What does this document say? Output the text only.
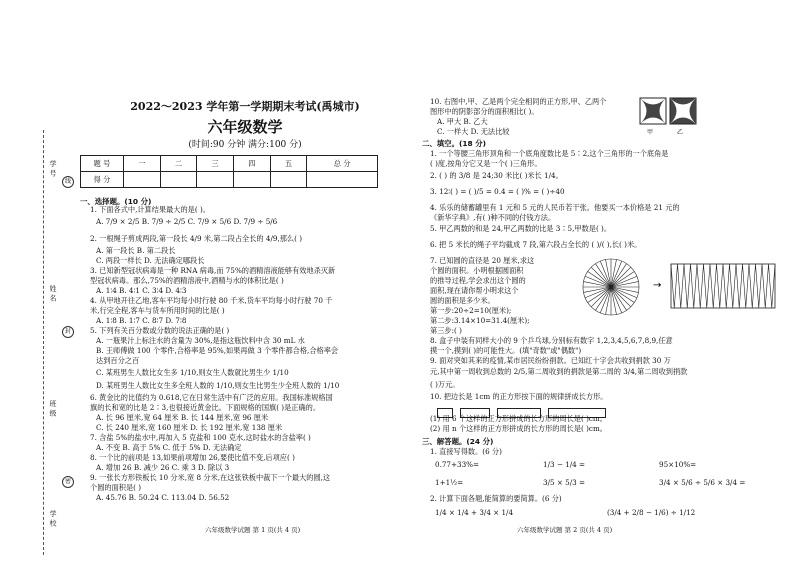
学 号
姓 名
班 级
学 校
线
封
密
2022～2023 学年第一学期期末考试(禹城市)
六年级数学
(时间:90 分钟 满分:100 分)
题 号	一	二	三	四	五	总 分
得 分						
一、选择题。(10 分)
1. 下面各式中,计算结果最大的是( )。
A. 7/9 × 2/5 B. 7/9 ÷ 2/5 C. 7/9 × 5/6 D. 7/9 ÷ 5/6
2. 一根绳子剪成两段,第一段长 4/9 米,第二段占全长的 4/9,那么( )
A. 第一段长 B. 第二段长
C. 两段一样长 D. 无法确定哪段长
3. 已知新型冠状病毒是一种 RNA 病毒,而 75%的酒精溶液能够有效地杀灭新
型冠状病毒。那么,75%的酒精溶液中,酒精与水的体积比是( )
A. 1∶4 B. 4∶1 C. 3∶4 D. 4∶3
4. 从甲地开往乙地,客车平均每小时行驶 80 千米,货车平均每小时行驶 70 千
米,行完全程,客车与货车所用时间的比是( )
A. 1∶8 B. 1∶7 C. 8∶7 D. 7∶8
5. 下列有关百分数或分数的说法正确的是( )
A. 一瓶果汁上标注水的含量为 30%,是指这瓶饮料中含 30 mL 水
B. 王师傅做 100 个零件,合格率是 95%,如果再做 3 个零件都合格,合格率会
达到百分之百
C. 某班男生人数比女生多 1/10,则女生人数就比男生少 1/10
D. 某班男生人数比女生多全班人数的 1/10,则女生比男生少全班人数的 1/10
6. 黄金比的比值约为 0.618,它在日常生活中有广泛的应用。我国标准规格国
旗的长和宽的比是 2∶3,也很接近黄金比。下面规格的国旗( )是正确的。
A. 长 96 厘米,宽 64 厘米 B. 长 144 厘米,宽 96 厘米
C. 长 240 厘米,宽 160 厘米 D. 长 192 厘米,宽 138 厘米
7. 含盐 5%的盐水中,再加入 5 克盐和 100 克水,这时盐水的含盐率( )
A. 不变 B. 高于 5% C. 低于 5% D. 无法确定
8. 一个比的前项是 13,如果前项增加 26,要使比值不变,后项应( )
A. 增加 26 B. 减少 26 C. 乘 3 D. 除以 3
9. 一张长方形铁板长 10 分米,宽 8 分米,在这张铁板中裁下一个最大的圆,这
个圆的面积是( )
A. 45.76 B. 50.24 C. 113.04 D. 56.52
六年级数学试题 第 1 页(共 4 页)
10. 右图中,甲、乙是两个完全相同的正方形,甲、乙两个
图形中的阴影部分的面积相比( )。
A. 甲大 B. 乙大
C. 一样大 D. 无法比较	甲	乙
二、填空。(18 分)
1. 一个等腰三角形顶角和一个底角度数比是 5∶2,这个三角形的一个底角是
( )度,按角分它又是一个( )三角形。
2. ( ) 的 3/8 是 24;30 米比( )米长 1/4。
3. 12∶( ) = ( )/5 = 0.4 = ( )% = ( )÷40
4. 乐乐的储蓄罐里有 1 元和 5 元的人民币若干张。他要买一本价格是 21 元的
《新华字典》,有( )种不同的付钱方法。
5. 甲乙两数的和是 24,甲乙两数的比是 3∶5,甲数是( )。
6. 把 5 米长的绳子平均截成 7 段,第六段占全长的 ( )/( ),长( )米。
7. 已知圆的直径是 20 厘米,求这
个圆的面积。小明根据圆面积
的推导过程,学会求出这个圆的
面积,现在请你帮小明求这个
圆的面积是多少米。
第一步:20÷2=10(厘米);
第二步:3.14×10=31.4(厘米);
第三步:( )
→
8. 盒子中装有同样大小的 9 个乒乓球,分别标有数字 1,2,3,4,5,6,7,8,9,任意
摸一个,摸到( )的可能性大。(填"奇数"或"偶数")
9. 面对突如其来的疫情,某市居民纷纷捐款。已知红十字会共收到捐款 30 万
元,其中第一周收到总数的 2/5,第二周收到的捐款是第二周的 3/4,第二周收到捐款
( )万元。
10. 把边长是 1cm 的正方形按下面的规律拼成长方形。

(1) 用 6 个这样的正方形拼成的长方形的周长是( )cm。
(2) 用 n 个这样的正方形拼成的长方形的周长是( )cm。
三、解答题。(24 分)
1. 直接写得数。(6 分)
0.77+33%=	1/3 − 1/4 =	95×10%=
1+1½=	3/5 × 5/3 =	3/4 × 5/6 ÷ 5/6 × 3/4 =
2. 计算下面各题,能简算的要简算。(6 分)
1/4 × 1/4 + 3/4 × 1/4	(3/4 + 2/8 − 1/6) ÷ 1/12
六年级数学试题 第 2 页(共 4 页)
